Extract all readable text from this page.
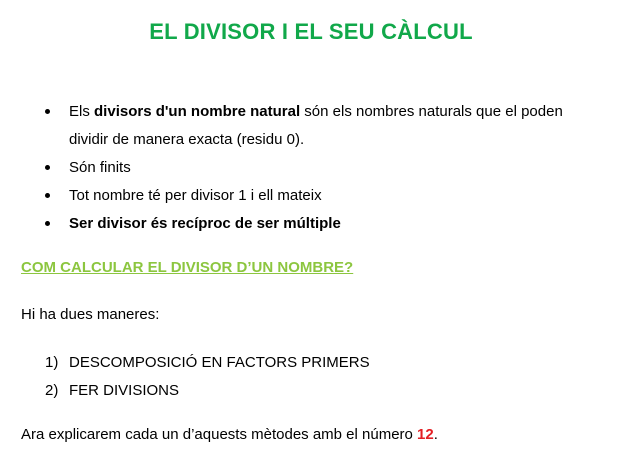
EL DIVISOR I EL SEU CÀLCUL
Els divisors d'un nombre natural són els nombres naturals que el poden dividir de manera exacta (residu 0).
Són finits
Tot nombre té per divisor 1 i ell mateix
Ser divisor és recíproc de ser múltiple
COM CALCULAR EL DIVISOR D’UN NOMBRE?
Hi ha dues maneres:
1) DESCOMPOSICIÓ EN FACTORS PRIMERS
2) FER DIVISIONS
Ara explicarem cada un d’aquests mètodes amb el número 12.
